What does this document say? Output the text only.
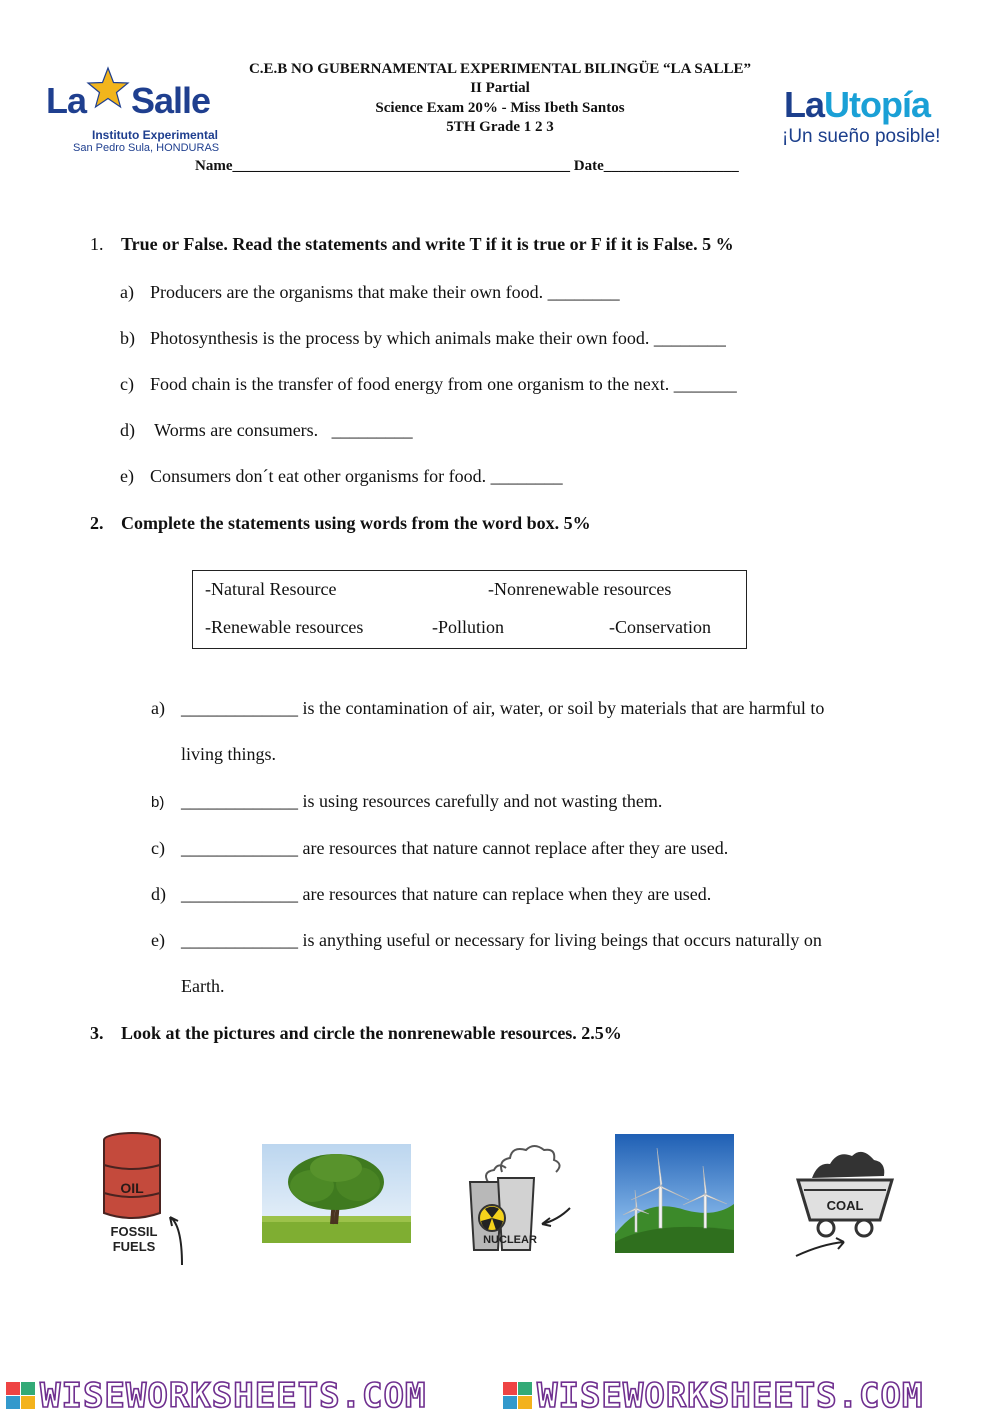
C.E.B NO GUBERNAMENTAL EXPERIMENTAL BILINGÜE “LA SALLE”
II Partial
Science Exam 20% - Miss Ibeth Santos
5TH Grade 1 2 3
Name_____________________________________________ Date__________________
La     Salle
Instituto Experimental
San Pedro Sula, HONDURAS
LaUtopía
¡Un sueño posible!
1. True or False. Read the statements and write T if it is true or F if it is False. 5 %
a) Producers are the organisms that make their own food. ________
b) Photosynthesis is the process by which animals make their own food. ________
c) Food chain is the transfer of food energy from one organism to the next. _______
d) Worms are consumers.   _________
e) Consumers don´t eat other organisms for food. ________
2. Complete the statements using words from the word box. 5%
-Natural Resource	-Nonrenewable resources
-Renewable resources	-Pollution	-Conservation
a) _____________ is the contamination of air, water, or soil by materials that are harmful to
living things.
b) _____________ is using resources carefully and not wasting them.
c) _____________ are resources that nature cannot replace after they are used.
d) _____________ are resources that nature can replace when they are used.
e) _____________ is anything useful or necessary for living beings that occurs naturally on
Earth.
3. Look at the pictures and circle the nonrenewable resources. 2.5%
OIL
FOSSIL
FUELS	NUCLEAR
COAL
WISEWORKSHEETS.COM	WISEWORKSHEETS.COM
